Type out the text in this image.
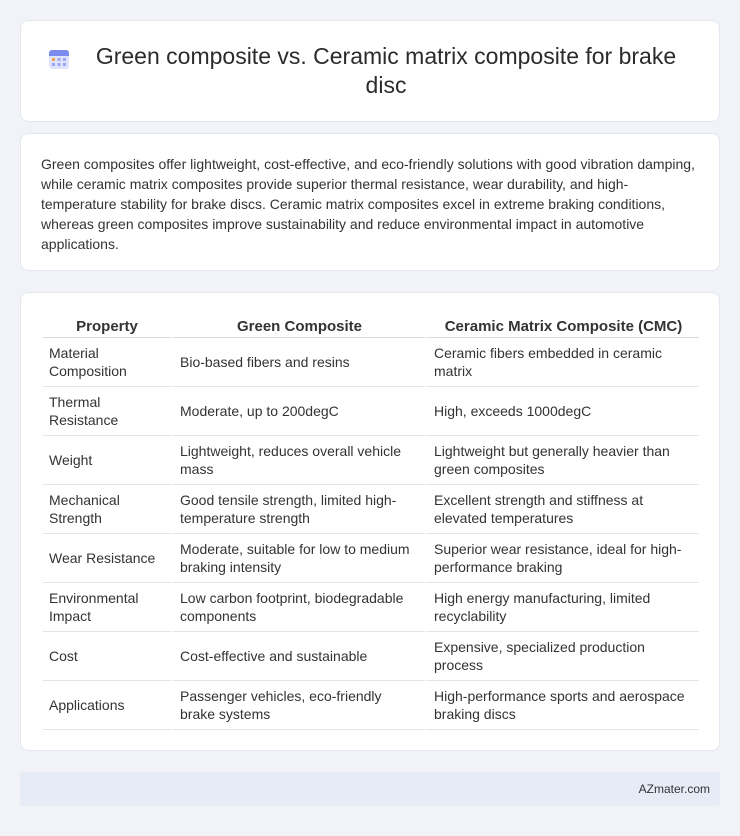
Green composite vs. Ceramic matrix composite for brake disc

Green composites offer lightweight, cost-effective, and eco-friendly solutions with good vibration damping, while ceramic matrix composites provide superior thermal resistance, wear durability, and high-temperature stability for brake discs. Ceramic matrix composites excel in extreme braking conditions, whereas green composites improve sustainability and reduce environmental impact in automotive applications.

Property	Green Composite	Ceramic Matrix Composite (CMC)
Material Composition	Bio-based fibers and resins	Ceramic fibers embedded in ceramic matrix
Thermal Resistance	Moderate, up to 200degC	High, exceeds 1000degC
Weight	Lightweight, reduces overall vehicle mass	Lightweight but generally heavier than green composites
Mechanical Strength	Good tensile strength, limited high-temperature strength	Excellent strength and stiffness at elevated temperatures
Wear Resistance	Moderate, suitable for low to medium braking intensity	Superior wear resistance, ideal for high-performance braking
Environmental Impact	Low carbon footprint, biodegradable components	High energy manufacturing, limited recyclability
Cost	Cost-effective and sustainable	Expensive, specialized production process
Applications	Passenger vehicles, eco-friendly brake systems	High-performance sports and aerospace braking discs
AZmater.com
